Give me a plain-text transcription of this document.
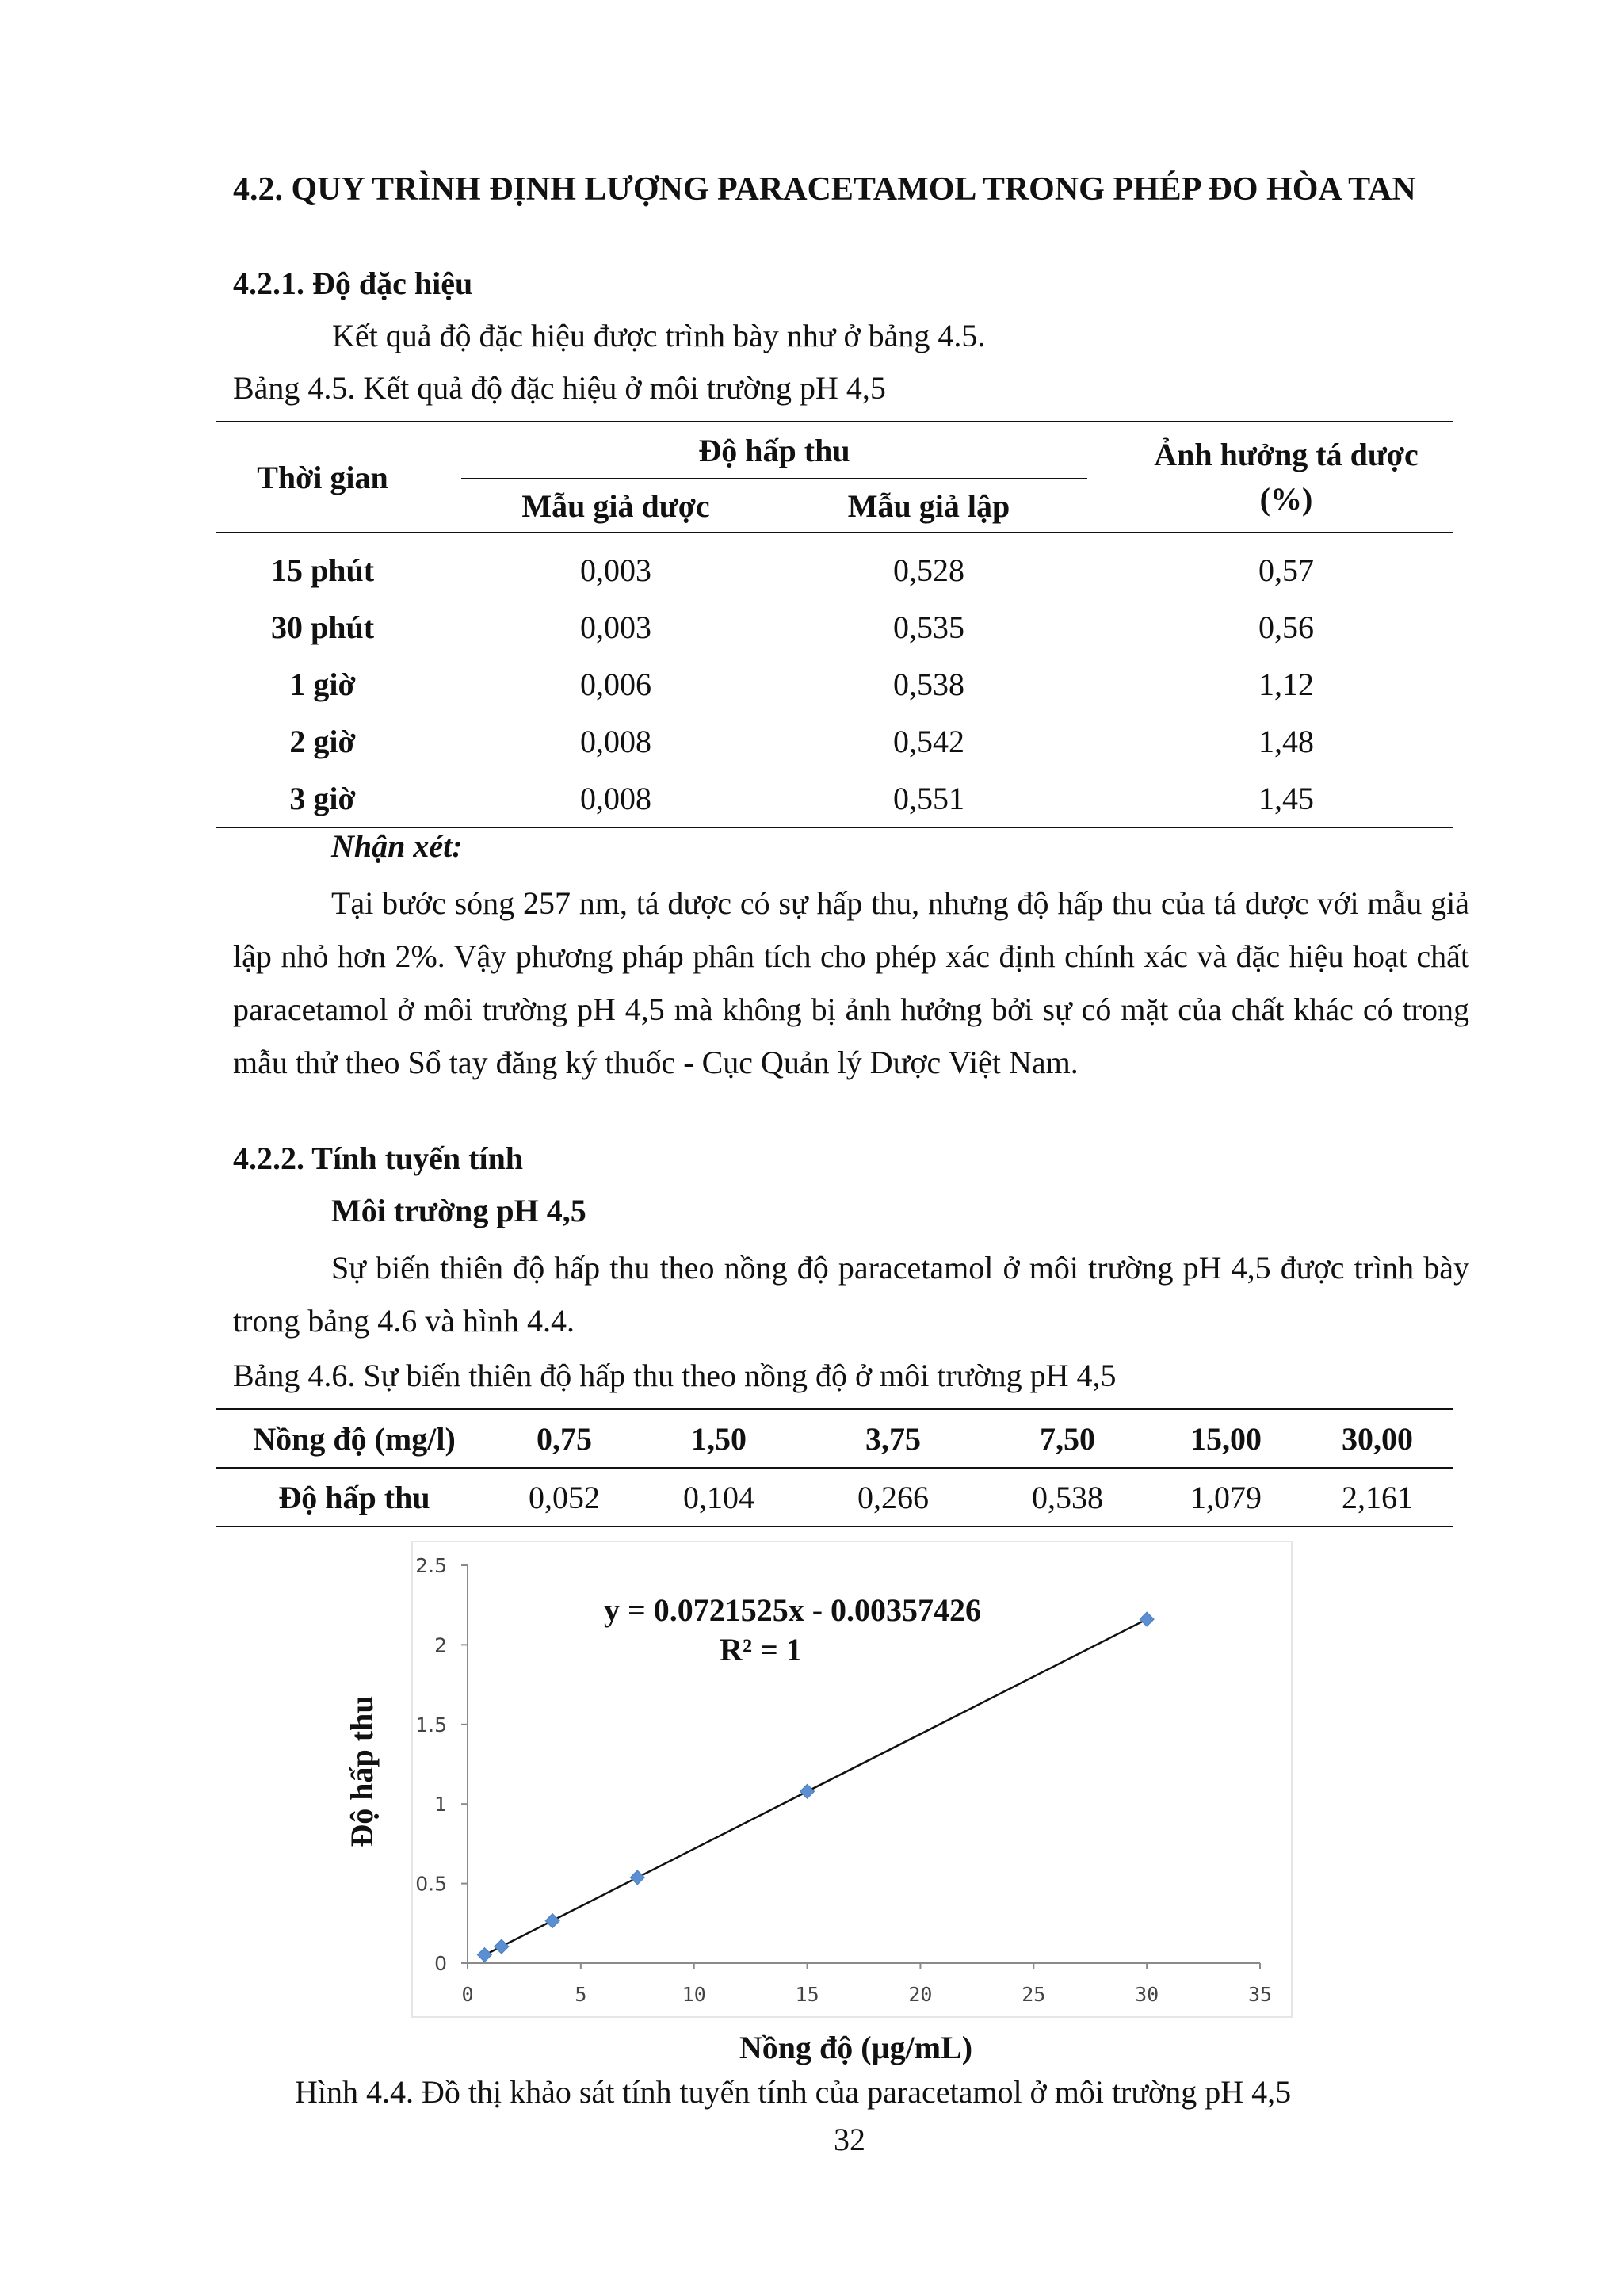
4.2. QUY TRÌNH ĐỊNH LƯỢNG PARACETAMOL TRONG PHÉP ĐO HÒA TAN
4.2.1. Độ đặc hiệu
Kết quả độ đặc hiệu được trình bày như ở bảng 4.5.
Bảng 4.5. Kết quả độ đặc hiệu ở môi trường pH 4,5
Thời gian		Độ hấp thu			Ảnh hưởng tá dược (%)
		Mẫu giả dược	Mẫu giả lập		
15 phút		0,003	0,528		0,57
30 phút		0,003	0,535		0,56
1 giờ		0,006	0,538		1,12
2 giờ		0,008	0,542		1,48
3 giờ		0,008	0,551		1,45
Nhận xét:
Tại bước sóng 257 nm, tá dược có sự hấp thu, nhưng độ hấp thu của tá dược với mẫu giả lập nhỏ hơn 2%. Vậy phương pháp phân tích cho phép xác định chính xác và đặc hiệu hoạt chất paracetamol ở môi trường pH 4,5 mà không bị ảnh hưởng bởi sự có mặt của chất khác có trong mẫu thử theo Sổ tay đăng ký thuốc - Cục Quản lý Dược Việt Nam.
4.2.2. Tính tuyến tính
Môi trường pH 4,5
Sự biến thiên độ hấp thu theo nồng độ paracetamol ở môi trường pH 4,5 được trình bày trong bảng 4.6 và hình 4.4.
Bảng 4.6. Sự biến thiên độ hấp thu theo nồng độ ở môi trường pH 4,5
Nồng độ (mg/l)	0,75	1,50	3,75	7,50	15,00	30,00
Độ hấp thu	0,052	0,104	0,266	0,538	1,079	2,161
0
0.5
1
1.5
2
2.5
0	5	10	15	20	25	30	35
y = 0.0721525x - 0.00357426
R² = 1
Nồng độ (µg/mL)
Độ hấp thu
Hình 4.4. Đồ thị khảo sát tính tuyến tính của paracetamol ở môi trường pH 4,5
32
